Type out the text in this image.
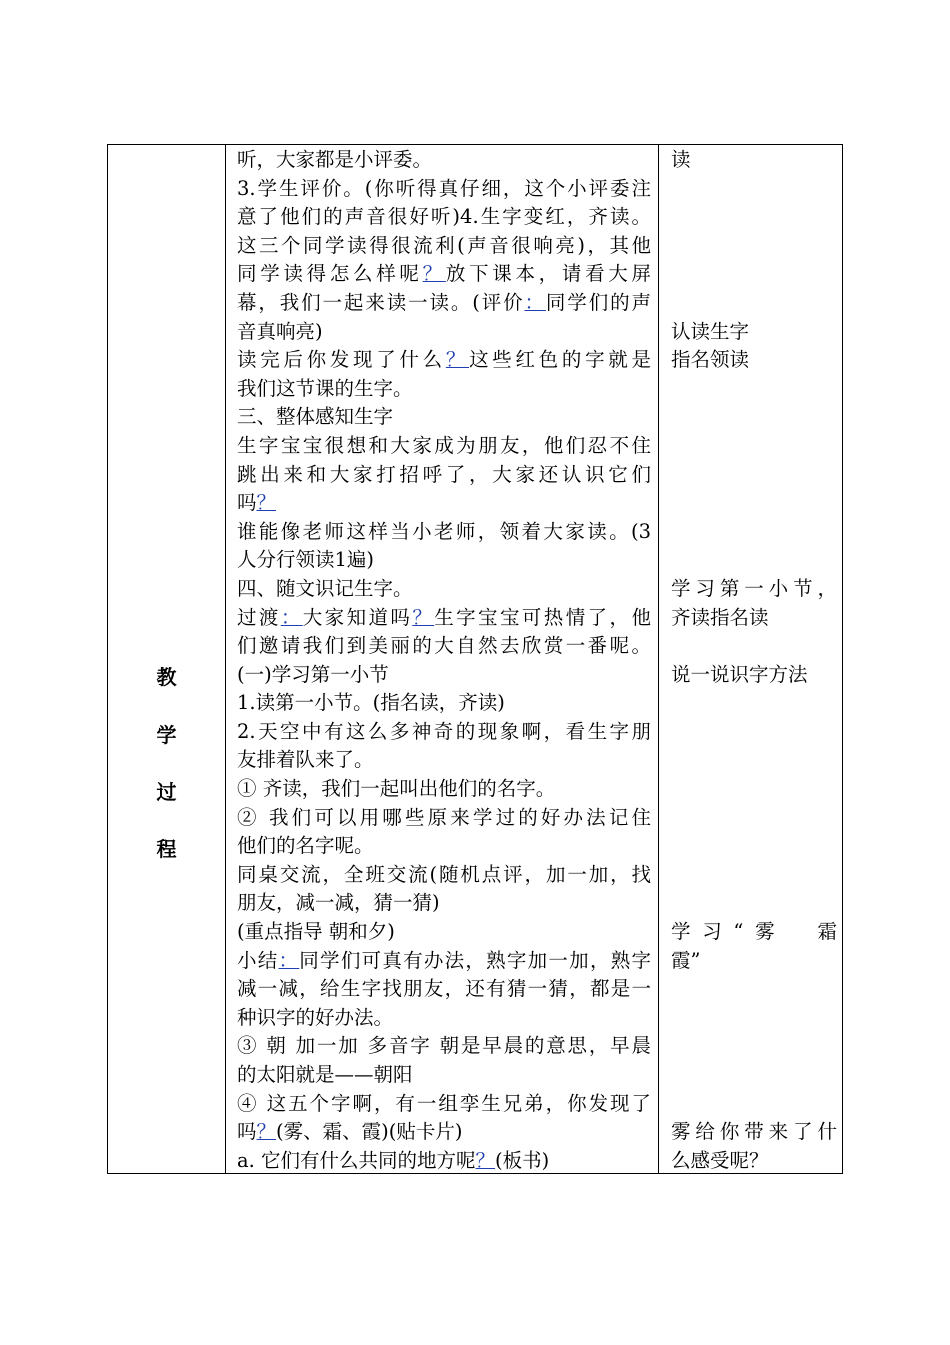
教
学
过
程
听，大家都是小评委。
3.学生评价。(你听得真仔细，这个小评委注
意了他们的声音很好听)4.生字变红，齐读。
这三个同学读得很流利(声音很响亮)，其他
同学读得怎么样呢？放下课本，请看大屏
幕，我们一起来读一读。(评价：同学们的声
音真响亮)
读完后你发现了什么？这些红色的字就是
我们这节课的生字。
三、整体感知生字
生字宝宝很想和大家成为朋友，他们忍不住
跳出来和大家打招呼了，大家还认识它们
吗？
谁能像老师这样当小老师，领着大家读。(3
人分行领读1遍)
四、随文识记生字。
过渡：大家知道吗？生字宝宝可热情了，他
们邀请我们到美丽的大自然去欣赏一番呢。
(一)学习第一小节
1.读第一小节。(指名读，齐读)
2.天空中有这么多神奇的现象啊，看生字朋
友排着队来了。
① 齐读，我们一起叫出他们的名字。
② 我们可以用哪些原来学过的好办法记住
他们的名字呢。
同桌交流，全班交流(随机点评，加一加，找
朋友，减一减，猜一猜)
(重点指导 朝和夕)
小结：同学们可真有办法，熟字加一加，熟字
减一减，给生字找朋友，还有猜一猜，都是一
种识字的好办法。
③ 朝 加一加 多音字 朝是早晨的意思，早晨
的太阳就是——朝阳
④ 这五个字啊，有一组孪生兄弟，你发现了
吗？(雾、霜、霞)(贴卡片)
a. 它们有什么共同的地方呢？(板书)
读
认读生字
指名领读
学习第一小节，
齐读指名读
说一说识字方法
学习“雾　霜
霞”
雾给你带来了什
么感受呢？
